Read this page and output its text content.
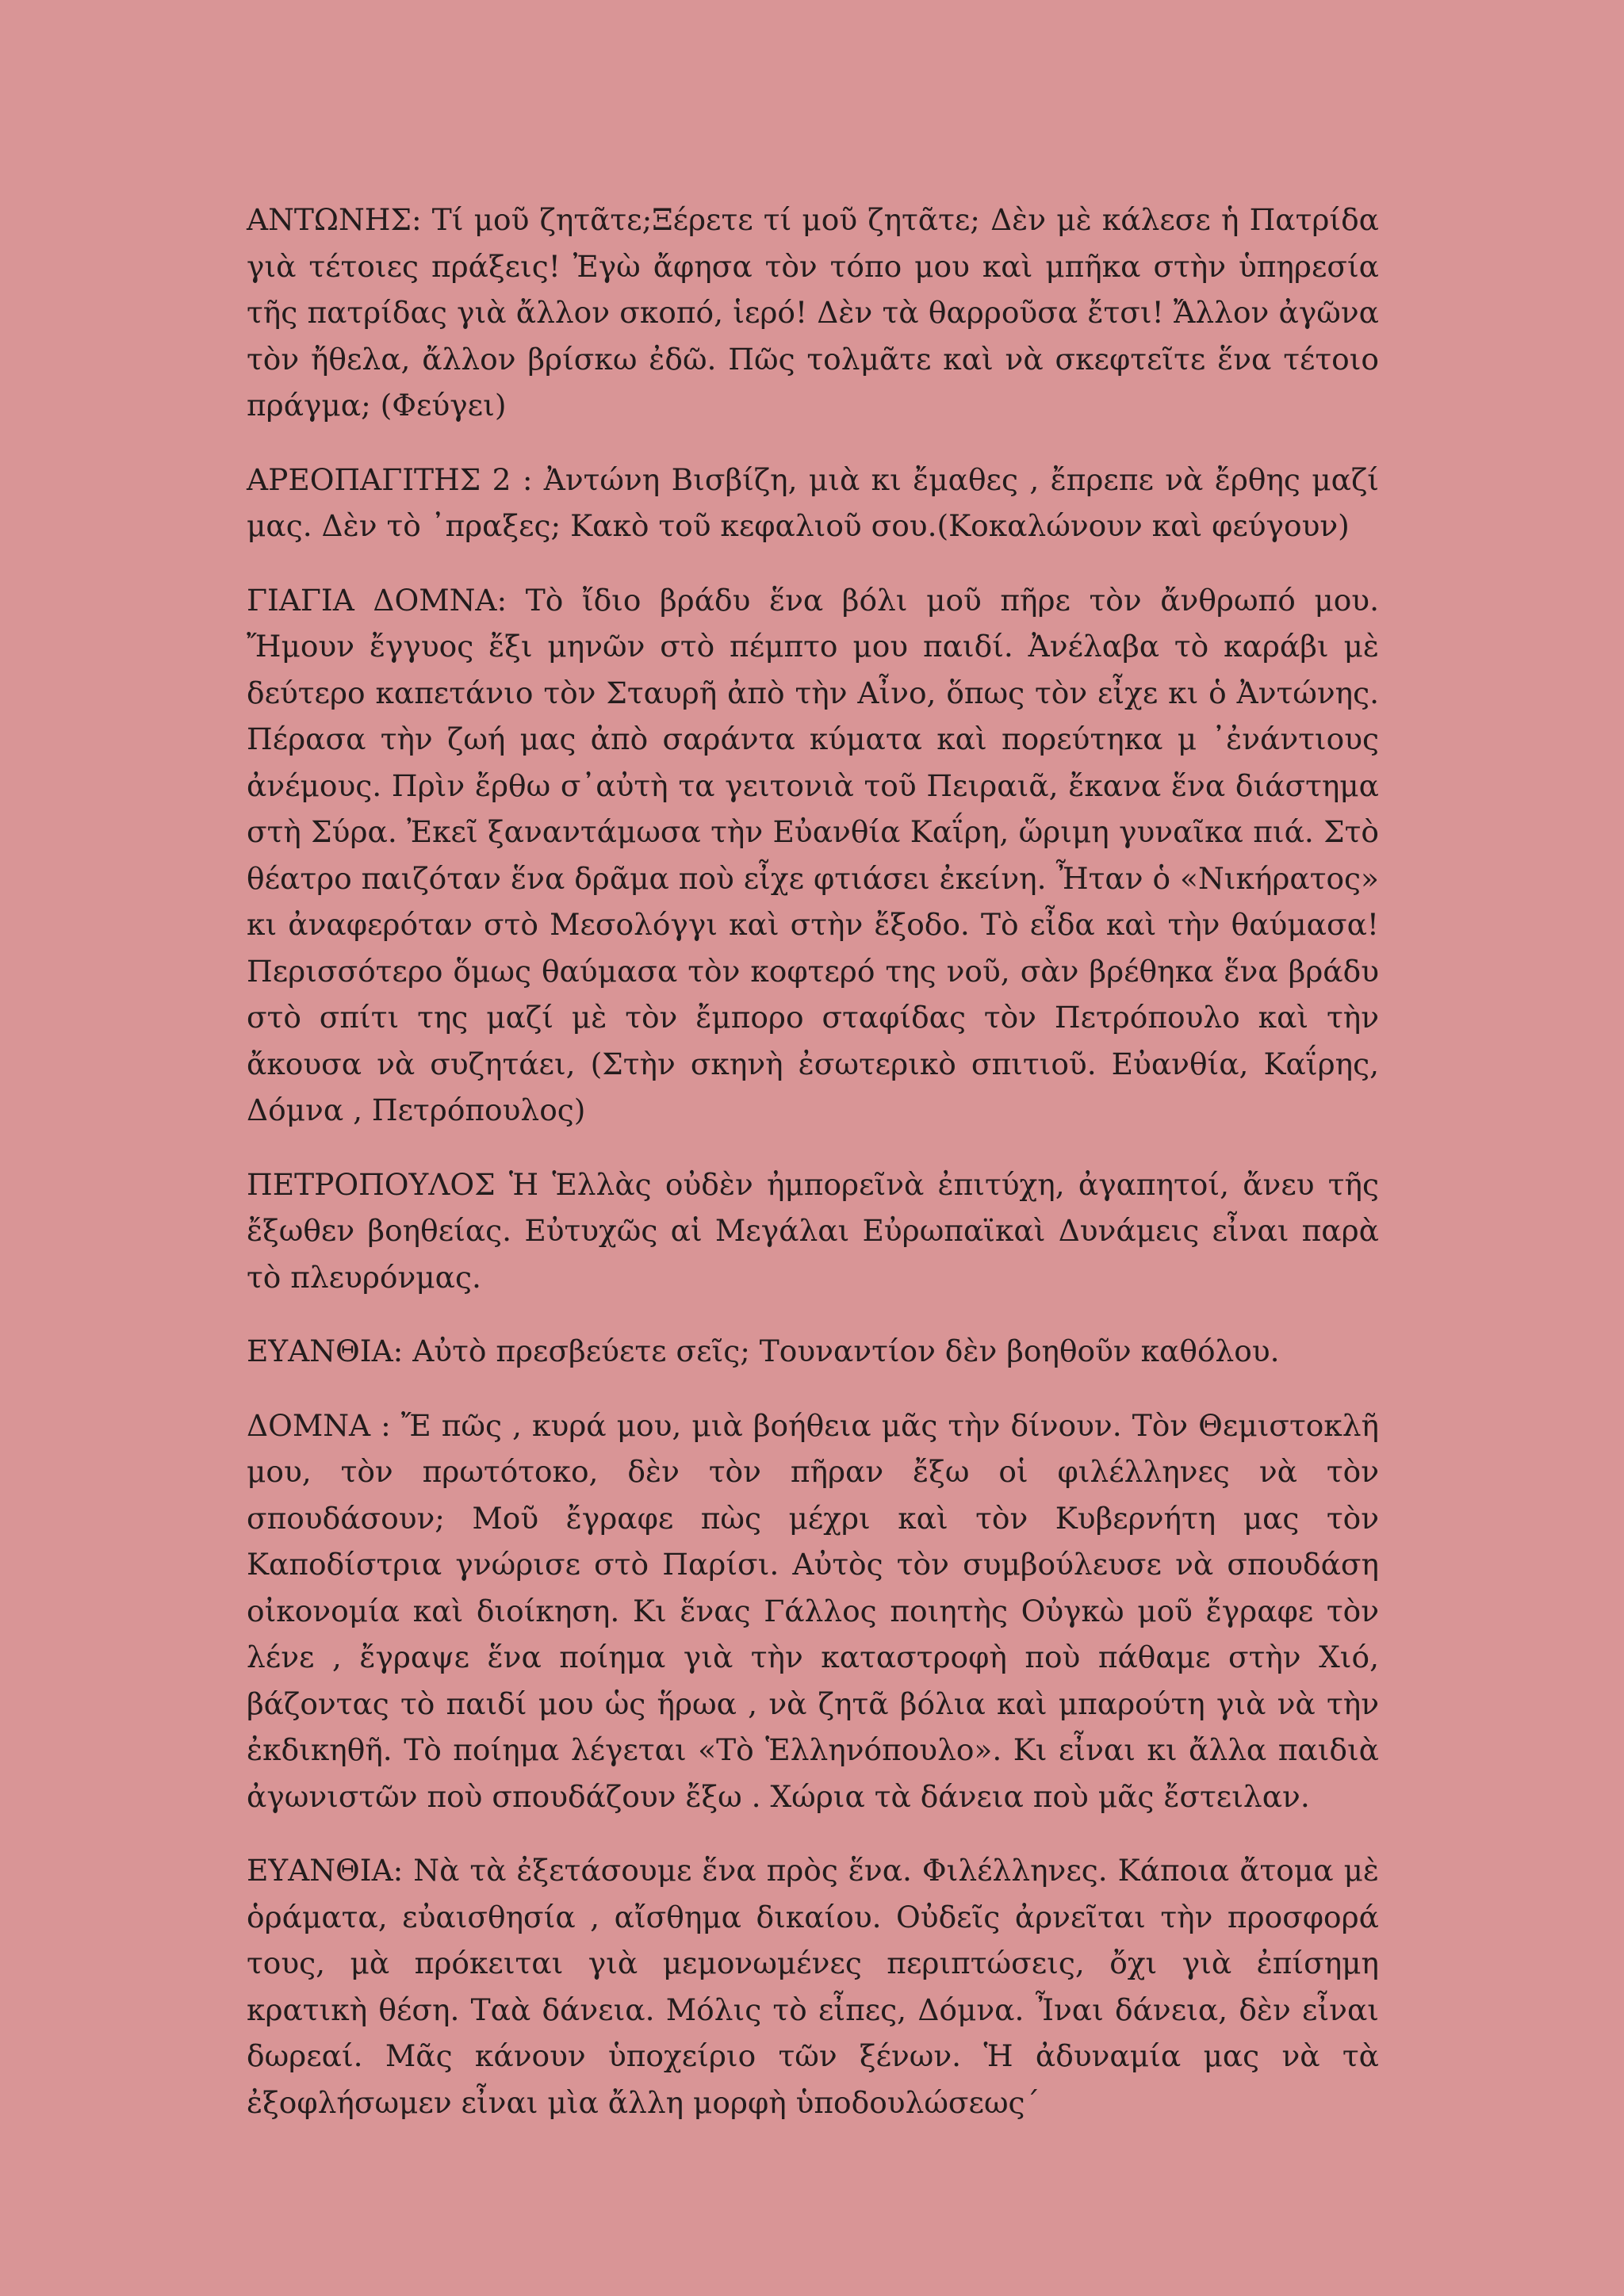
ΑΝΤΩΝΗΣ: Τί μοῦ ζητᾶτε;Ξέρετε τί μοῦ ζητᾶτε; Δὲν μὲ κάλεσε ἡ Πατρίδα γιὰ τέτοιες πράξεις! Ἐγὼ ἄφησα τὸν τόπο μου καὶ μπῆκα στὴν ὑπηρεσία τῆς πατρίδας γιὰ ἄλλον σκοπό, ἱερό! Δὲν τὰ θαρροῦσα ἔτσι! Ἄλλον ἀγῶνα τὸν ἤθελα, ἄλλον βρίσκω ἐδῶ. Πῶς τολμᾶτε καὶ νὰ σκεφτεῖτε ἕνα τέτοιο πράγμα; (Φεύγει)

ΑΡΕΟΠΑΓΙΤΗΣ 2 : Ἀντώνη Βισβίζη, μιὰ κι ἔμαθες , ἔπρεπε νὰ ἔρθης μαζί μας. Δὲν τὸ ᾽πραξες; Κακὸ τοῦ κεφαλιοῦ σου.(Κοκαλώνουν καὶ φεύγουν)

ΓΙΑΓΙΑ ΔΟΜΝΑ: Τὸ ἴδιο βράδυ ἕνα βόλι μοῦ πῆρε τὸν ἄνθρωπό μου. Ἤμουν ἔγγυος ἔξι μηνῶν στὸ πέμπτο μου παιδί. Ἀνέλαβα τὸ καράβι μὲ δεύτερο καπετάνιο τὸν Σταυρῆ ἀπὸ τὴν Αἶνο, ὅπως τὸν εἶχε κι ὁ Ἀντώνης. Πέρασα τὴν ζωή μας ἀπὸ σαράντα κύματα καὶ πορεύτηκα μ ᾽ἐνάντιους ἀνέμους. Πρὶν ἔρθω σ᾽αὐτὴ τα γειτονιὰ τοῦ Πειραιᾶ, ἔκανα ἕνα διάστημα στὴ Σύρα. Ἐκεῖ ξαναντάμωσα τὴν Εὐανθία Καΐρη, ὥριμη γυναῖκα πιά. Στὸ θέατρο παιζόταν ἕνα δρᾶμα ποὺ εἶχε φτιάσει ἐκείνη. Ἦταν ὁ «Νικήρατος» κι ἀναφερόταν στὸ Μεσολόγγι καὶ στὴν ἔξοδο. Τὸ εἶδα καὶ τὴν θαύμασα! Περισσότερο ὅμως θαύμασα τὸν κοφτερό της νοῦ, σὰν βρέθηκα ἕνα βράδυ στὸ σπίτι της μαζί μὲ τὸν ἔμπορο σταφίδας τὸν Πετρόπουλο καὶ τὴν ἄκουσα νὰ συζητάει, (Στὴν σκηνὴ ἐσωτερικὸ σπιτιοῦ. Εὐανθία, Καΐρης, Δόμνα , Πετρόπουλος)

ΠΕΤΡΟΠΟΥΛΟΣ Ἡ Ἑλλὰς οὐδὲν ἠμπορεῖνὰ ἐπιτύχη, ἀγαπητοί, ἄνευ τῆς ἔξωθεν βοηθείας. Εὐτυχῶς αἱ Μεγάλαι Εὐρωπαϊκαὶ Δυνάμεις εἶναι παρὰ τὸ πλευρόνμας.

ΕΥΑΝΘΙΑ: Αὐτὸ πρεσβεύετε σεῖς; Τουναντίον δὲν βοηθοῦν καθόλου.

ΔΟΜΝΑ : Ἔ πῶς , κυρά μου, μιὰ βοήθεια μᾶς τὴν δίνουν. Τὸν Θεμιστοκλῆ μου, τὸν πρωτότοκο, δὲν τὸν πῆραν ἔξω οἱ φιλέλληνες νὰ τὸν σπουδάσουν; Μοῦ ἔγραφε πὼς μέχρι καὶ τὸν Κυβερνήτη μας τὸν Καποδίστρια γνώρισε στὸ Παρίσι. Αὐτὸς τὸν συμβούλευσε νὰ σπουδάση οἰκονομία καὶ διοίκηση. Κι ἕνας Γάλλος ποιητὴς Οὐγκὼ μοῦ ἔγραφε τὸν λένε , ἔγραψε ἕνα ποίημα γιὰ τὴν καταστροφὴ ποὺ πάθαμε στὴν Χιό, βάζοντας τὸ παιδί μου ὡς ἥρωα , νὰ ζητᾶ βόλια καὶ μπαρούτη γιὰ νὰ τὴν ἐκδικηθῆ. Τὸ ποίημα λέγεται «Τὸ Ἑλληνόπουλο». Κι εἶναι κι ἄλλα παιδιὰ ἀγωνιστῶν ποὺ σπουδάζουν ἔξω . Χώρια τὰ δάνεια ποὺ μᾶς ἔστειλαν.

ΕΥΑΝΘΙΑ: Νὰ τὰ ἐξετάσουμε ἕνα πρὸς ἕνα. Φιλέλληνες. Κάποια ἄτομα μὲ ὁράματα, εὐαισθησία , αἴσθημα δικαίου. Οὐδεῖς ἀρνεῖται τὴν προσφορά τους, μὰ πρόκειται γιὰ μεμονωμένες περιπτώσεις, ὄχι γιὰ ἐπίσημη κρατικὴ θέση. Ταὰ δάνεια. Μόλις τὸ εἶπες, Δόμνα. Ἶναι δάνεια, δὲν εἶναι δωρεαί. Μᾶς κάνουν ὑποχείριο τῶν ξένων. Ἡ ἀδυναμία μας νὰ τὰ ἐξοφλήσωμεν εἶναι μὶα ἄλλη μορφὴ ὑποδουλώσεως΄
